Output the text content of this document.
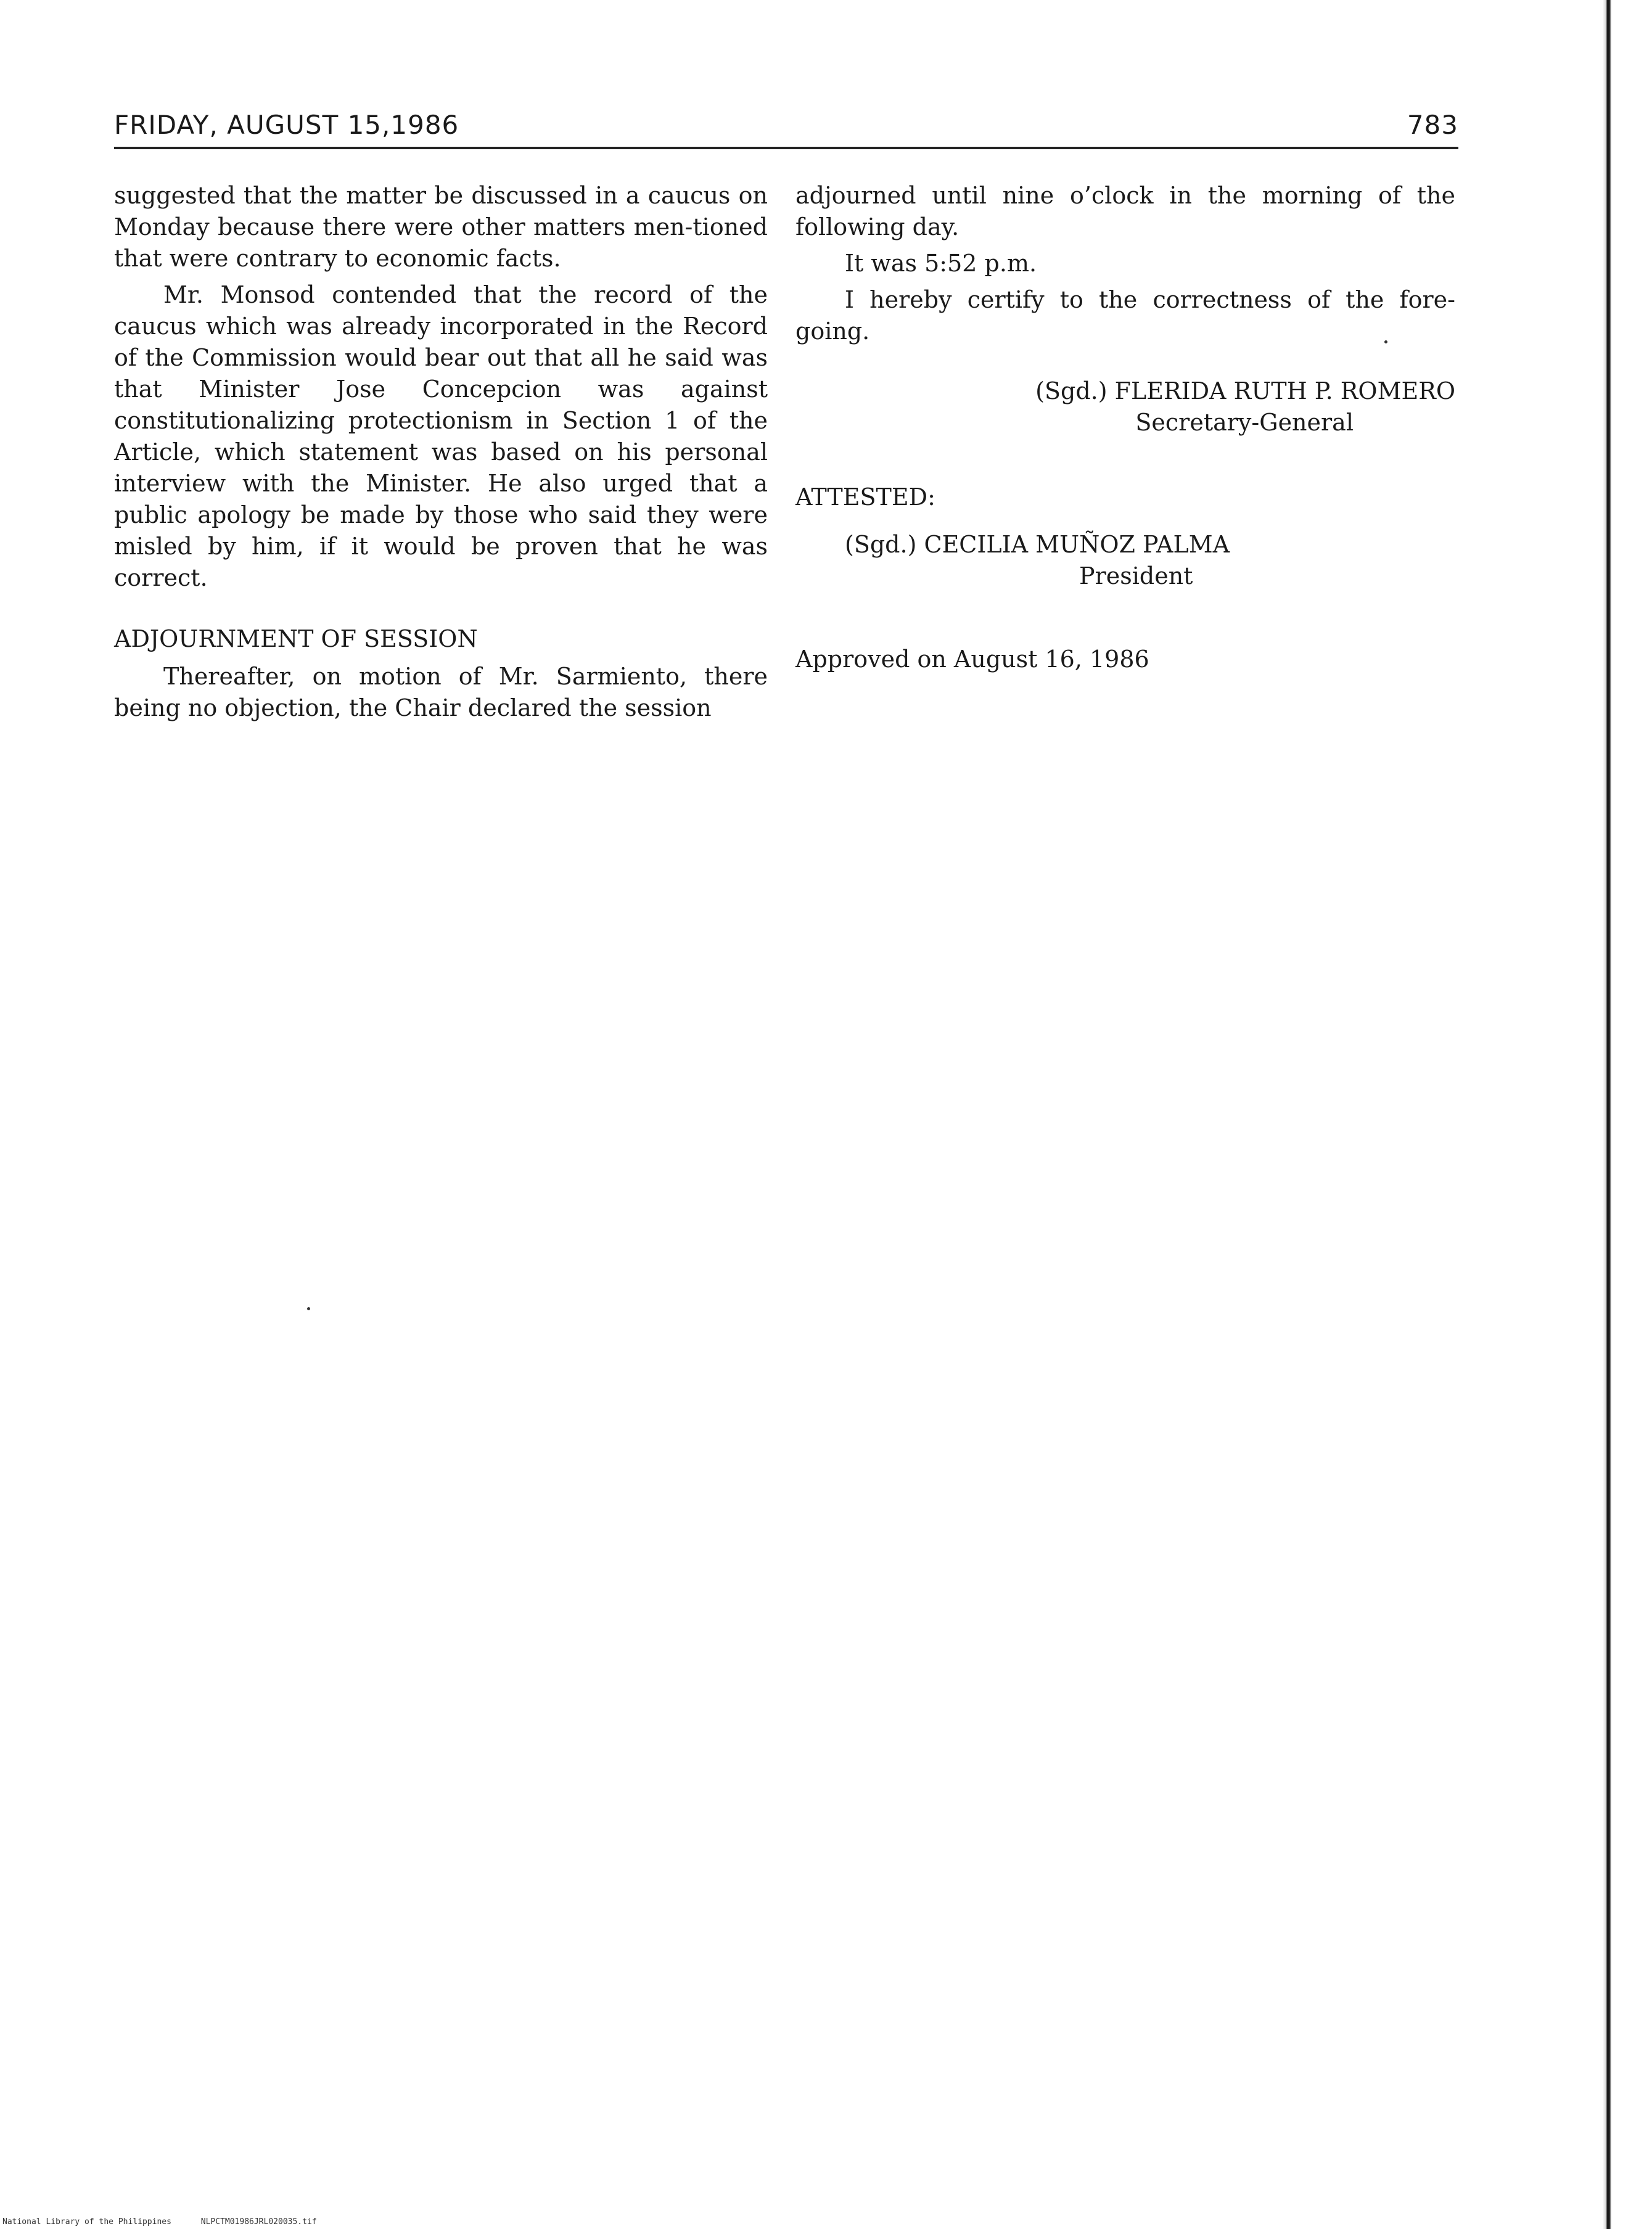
FRIDAY, AUGUST 15,1986	783

suggested that the matter be discussed in a caucus on Monday because there were other matters men-tioned that were contrary to economic facts.

Mr. Monsod contended that the record of the caucus which was already incorporated in the Record of the Commission would bear out that all he said was that Minister Jose Concepcion was against constitutionalizing protectionism in Section 1 of the Article, which statement was based on his personal interview with the Minister. He also urged that a public apology be made by those who said they were misled by him, if it would be proven that he was correct.

ADJOURNMENT OF SESSION

Thereafter, on motion of Mr. Sarmiento, there being no objection, the Chair declared the session

adjourned until nine o’clock in the morning of the following day.

It was 5:52 p.m.

I hereby certify to the correctness of the fore-going.

(Sgd.) FLERIDA RUTH P. ROMERO
Secretary-General
ATTESTED:
(Sgd.) CECILIA MUÑOZ PALMA
President
Approved on August 16, 1986
National Library of the Philippines	NLPCTM01986JRL020035.tif
